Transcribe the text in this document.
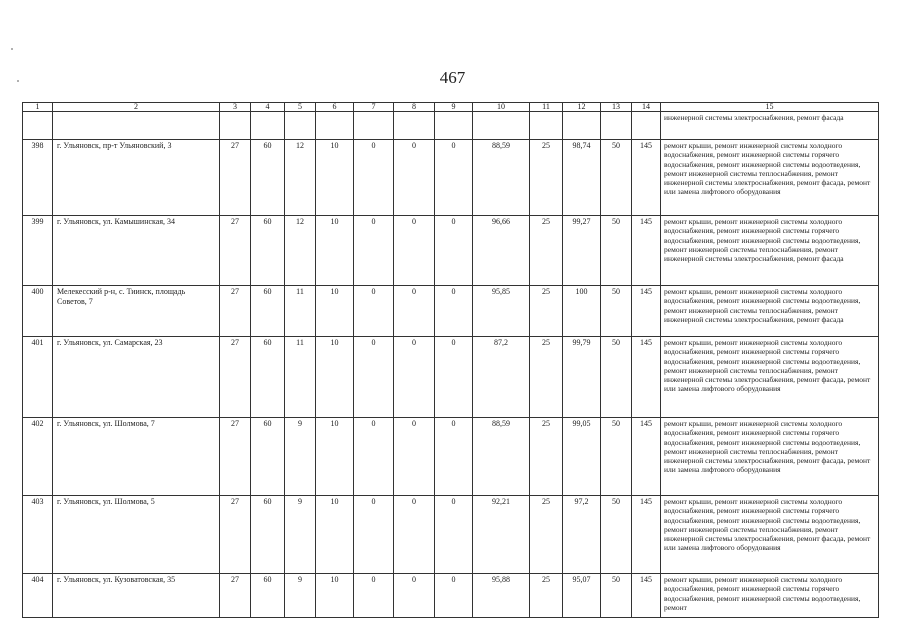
467
1	2	3	4	5	6	7	8	9	10	11	12	13	14	15
														инженерной системы электроснабжения, ремонт фасада
398	г. Ульяновск, пр-т Ульяновский, 3	27	60	12	10	0	0	0	88,59	25	98,74	50	145	ремонт крыши, ремонт инженерной системы холодного водоснабжения, ремонт инженерной системы горячего водоснабжения, ремонт инженерной системы водоотведения, ремонт инженерной системы теплоснабжения, ремонт инженерной системы электроснабжения, ремонт фасада, ремонт или замена лифтового оборудования
399	г. Ульяновск, ул. Камышинская, 34	27	60	12	10	0	0	0	96,66	25	99,27	50	145	ремонт крыши, ремонт инженерной системы холодного водоснабжения, ремонт инженерной системы горячего водоснабжения, ремонт инженерной системы водоотведения, ремонт инженерной системы теплоснабжения, ремонт инженерной системы электроснабжения, ремонт фасада
400	Мелекесский р-н, с. Тиинск, площадь Советов, 7	27	60	11	10	0	0	0	95,85	25	100	50	145	ремонт крыши, ремонт инженерной системы холодного водоснабжения, ремонт инженерной системы водоотведения, ремонт инженерной системы теплоснабжения, ремонт инженерной системы электроснабжения, ремонт фасада
401	г. Ульяновск, ул. Самарская, 23	27	60	11	10	0	0	0	87,2	25	99,79	50	145	ремонт крыши, ремонт инженерной системы холодного водоснабжения, ремонт инженерной системы горячего водоснабжения, ремонт инженерной системы водоотведения, ремонт инженерной системы теплоснабжения, ремонт инженерной системы электроснабжения, ремонт фасада, ремонт или замена лифтового оборудования
402	г. Ульяновск, ул. Шолмова, 7	27	60	9	10	0	0	0	88,59	25	99,05	50	145	ремонт крыши, ремонт инженерной системы холодного водоснабжения, ремонт инженерной системы горячего водоснабжения, ремонт инженерной системы водоотведения, ремонт инженерной системы теплоснабжения, ремонт инженерной системы электроснабжения, ремонт фасада, ремонт или замена лифтового оборудования
403	г. Ульяновск, ул. Шолмова, 5	27	60	9	10	0	0	0	92,21	25	97,2	50	145	ремонт крыши, ремонт инженерной системы холодного водоснабжения, ремонт инженерной системы горячего водоснабжения, ремонт инженерной системы водоотведения, ремонт инженерной системы теплоснабжения, ремонт инженерной системы электроснабжения, ремонт фасада, ремонт или замена лифтового оборудования
404	г. Ульяновск, ул. Кузоватовская, 35	27	60	9	10	0	0	0	95,88	25	95,07	50	145	ремонт крыши, ремонт инженерной системы холодного водоснабжения, ремонт инженерной системы горячего водоснабжения, ремонт инженерной системы водоотведения, ремонт
